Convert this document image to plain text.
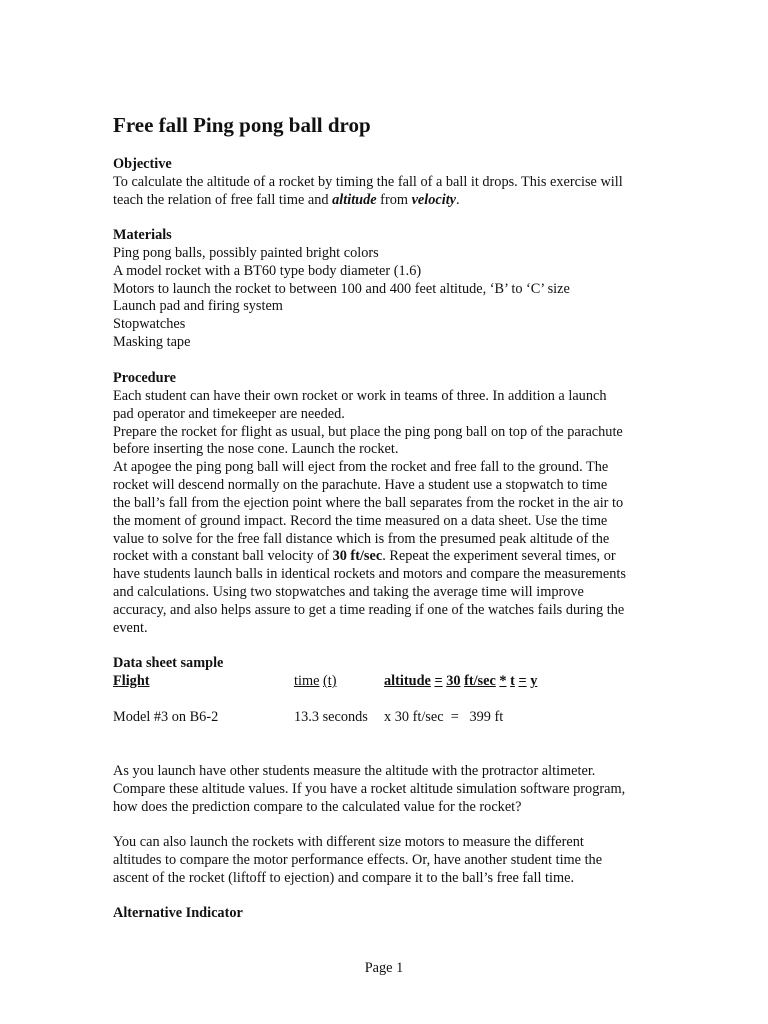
Free fall Ping pong ball drop
Objective
To calculate the altitude of a rocket by timing the fall of a ball it drops. This exercise will
teach the relation of free fall time and altitude from velocity.
Materials
Ping pong balls, possibly painted bright colors
A model rocket with a BT60 type body diameter (1.6)
Motors to launch the rocket to between 100 and 400 feet altitude, ‘B’ to ‘C’ size
Launch pad and firing system
Stopwatches
Masking tape
Procedure
Each student can have their own rocket or work in teams of three. In addition a launch
pad operator and timekeeper are needed.
Prepare the rocket for flight as usual, but place the ping pong ball on top of the parachute
before inserting the nose cone. Launch the rocket.
At apogee the ping pong ball will eject from the rocket and free fall to the ground. The
rocket will descend normally on the parachute. Have a student use a stopwatch to time
the ball’s fall from the ejection point where the ball separates from the rocket in the air to
the moment of ground impact. Record the time measured on a data sheet. Use the time
value to solve for the free fall distance which is from the presumed peak altitude of the
rocket with a constant ball velocity of 30 ft/sec. Repeat the experiment several times, or
have students launch balls in identical rockets and motors and compare the measurements
and calculations. Using two stopwatches and taking the average time will improve
accuracy, and also helps assure to get a time reading if one of the watches fails during the
event.
Data sheet sample
Flight	time (t)	altitude = 30 ft/sec * t = y
Model #3 on B6-2	13.3 seconds x 30 ft/sec  =   399 ft
As you launch have other students measure the altitude with the protractor altimeter.
Compare these altitude values. If you have a rocket altitude simulation software program,
how does the prediction compare to the calculated value for the rocket?
You can also launch the rockets with different size motors to measure the different
altitudes to compare the motor performance effects. Or, have another student time the
ascent of the rocket (liftoff to ejection) and compare it to the ball’s free fall time.
Alternative Indicator
Page 1
